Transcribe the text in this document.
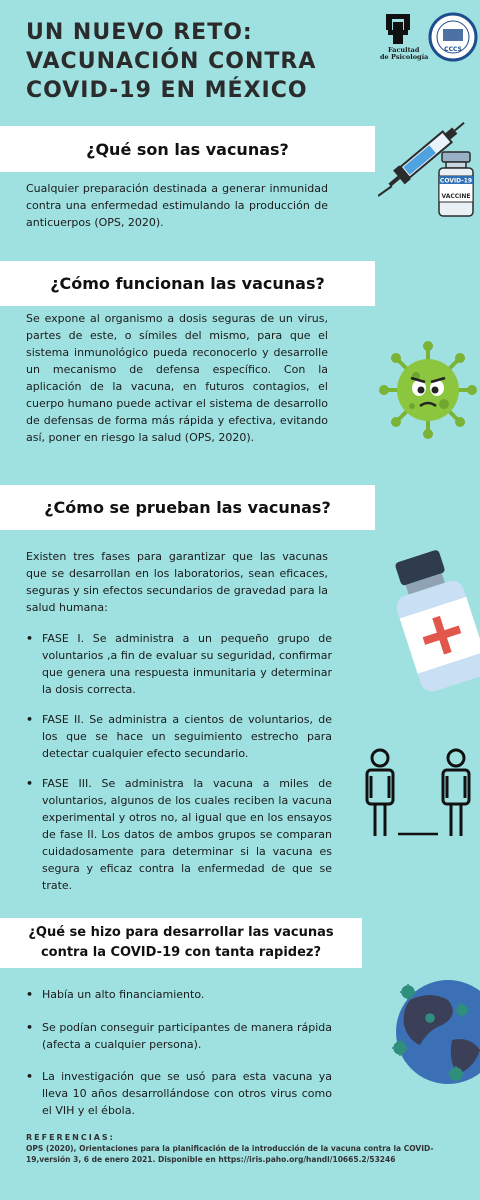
UN NUEVO RETO:
VACUNACIÓN CONTRA
COVID-19 EN MÉXICO
Facultad
de Psicología
CCCS
¿Qué son las vacunas?

Cualquier preparación destinada a generar inmunidad contra una enfermedad estimulando la producción de anticuerpos (OPS, 2020).

COVID-19
VACCINE
¿Cómo funcionan las vacunas?

Se expone al organismo a dosis seguras de un virus, partes de este, o símiles del mismo, para que el sistema inmunológico pueda reconocerlo y desarrolle un mecanismo de defensa específico. Con la aplicación de la vacuna, en futuros contagios, el cuerpo humano puede activar el sistema de desarrollo de defensas de forma más rápida y efectiva, evitando así, poner en riesgo la salud (OPS, 2020).

¿Cómo se prueban las vacunas?

Existen tres fases para garantizar que las vacunas que se desarrollan en los laboratorios, sean eficaces, seguras y sin efectos secundarios de gravedad para la salud humana:

• FASE I. Se administra a un pequeño grupo de voluntarios ,a fin de evaluar su seguridad, confirmar que genera una respuesta inmunitaria y determinar la dosis correcta.
• FASE II. Se administra a cientos de voluntarios, de los que se hace un seguimiento estrecho para detectar cualquier efecto secundario.
• FASE III. Se administra la vacuna a miles de voluntarios, algunos de los cuales reciben la vacuna experimental y otros no, al igual que en los ensayos de fase II. Los datos de ambos grupos se comparan cuidadosamente para determinar si la vacuna es segura y eficaz contra la enfermedad de que se trate.
¿Qué se hizo para desarrollar las vacunas
contra la COVID-19 con tanta rapidez?
• Había un alto financiamiento.
• Se podían conseguir participantes de manera rápida (afecta a cualquier persona).
• La investigación que se usó para esta vacuna ya lleva 10 años desarrollándose con otros virus como el VIH y el ébola.
REFERENCIAS:
OPS (2020), Orientaciones para la planificación de la introducción de la vacuna contra la COVID-19,versión 3, 6 de enero 2021. Disponible en https://iris.paho.org/handl/10665.2/53246
